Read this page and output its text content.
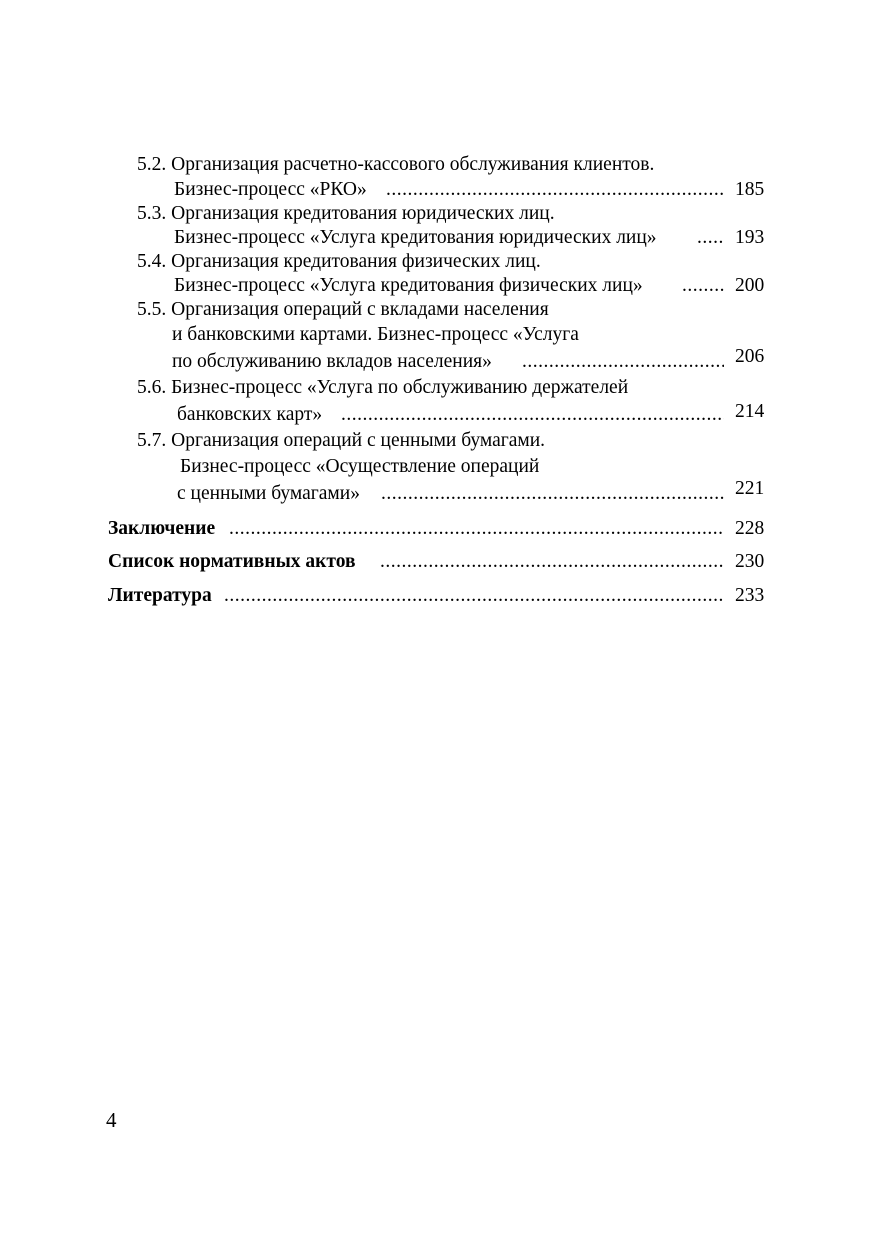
5.2. Организация расчетно-кассового обслуживания клиентов.
Бизнес-процесс «РКО» .....	185
5.3. Организация кредитования юридических лиц.
Бизнес-процесс «Услуга кредитования юридических лиц» .....	193
5.4. Организация кредитования физических лиц.
Бизнес-процесс «Услуга кредитования физических лиц» .....	200
5.5. Организация операций с вкладами населения
и банковскими картами. Бизнес-процесс «Услуга
по обслуживанию вкладов населения» .....	206
5.6. Бизнес-процесс «Услуга по обслуживанию держателей
банковских карт» .....	214
5.7. Организация операций с ценными бумагами.
Бизнес-процесс «Осуществление операций
с ценными бумагами» .....	221
Заключение .....	228
Список нормативных актов .....	230
Литература .....	233
4
